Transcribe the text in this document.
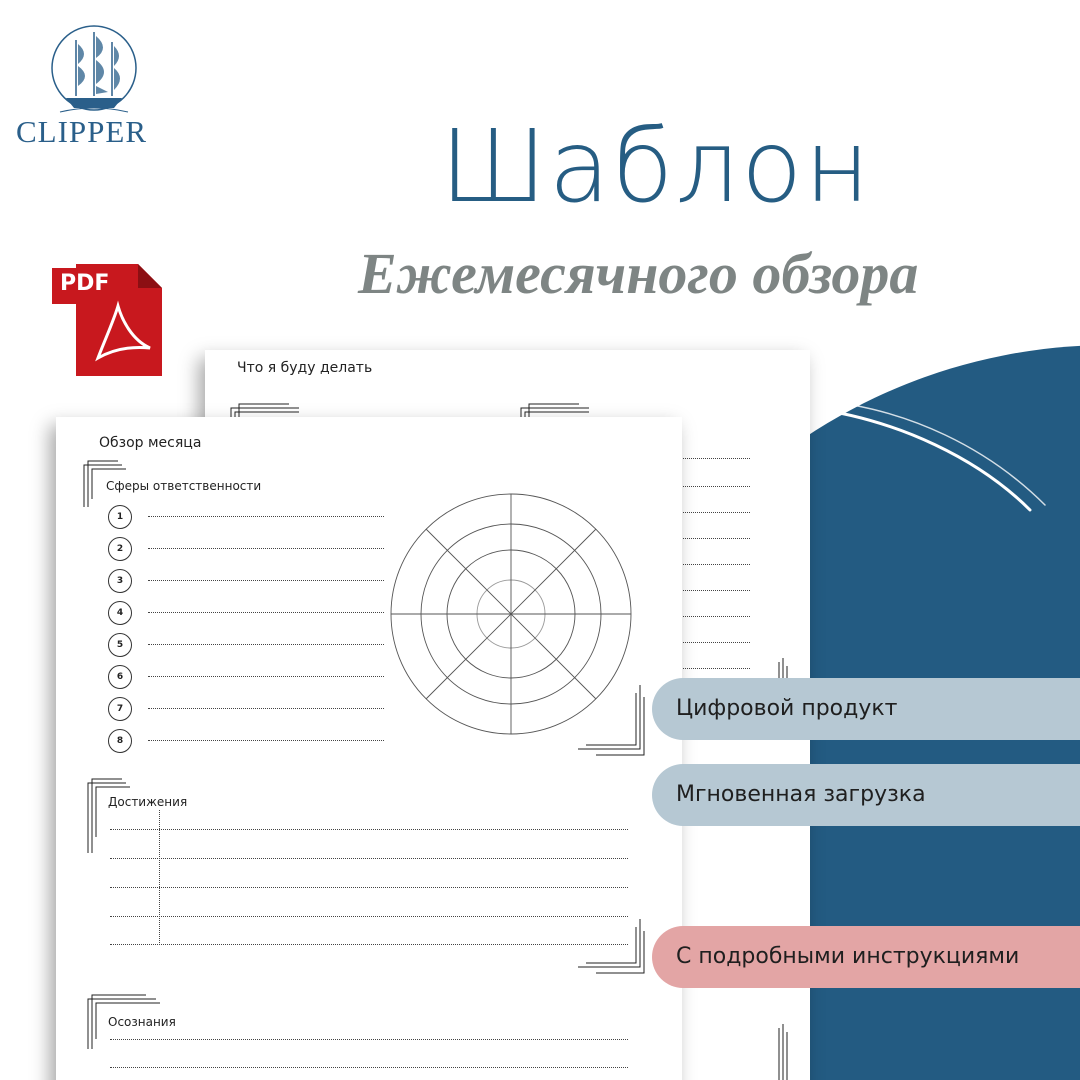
CLIPPER	Шаблон
Ежемесячного обзора
PDF
Что я буду делать
Обзор месяца
Сферы ответственности
1
2
3
4
5
6
7
8
Достижения
Осознания
Цифровой продукт
Мгновенная загрузка
С подробными инструкциями
